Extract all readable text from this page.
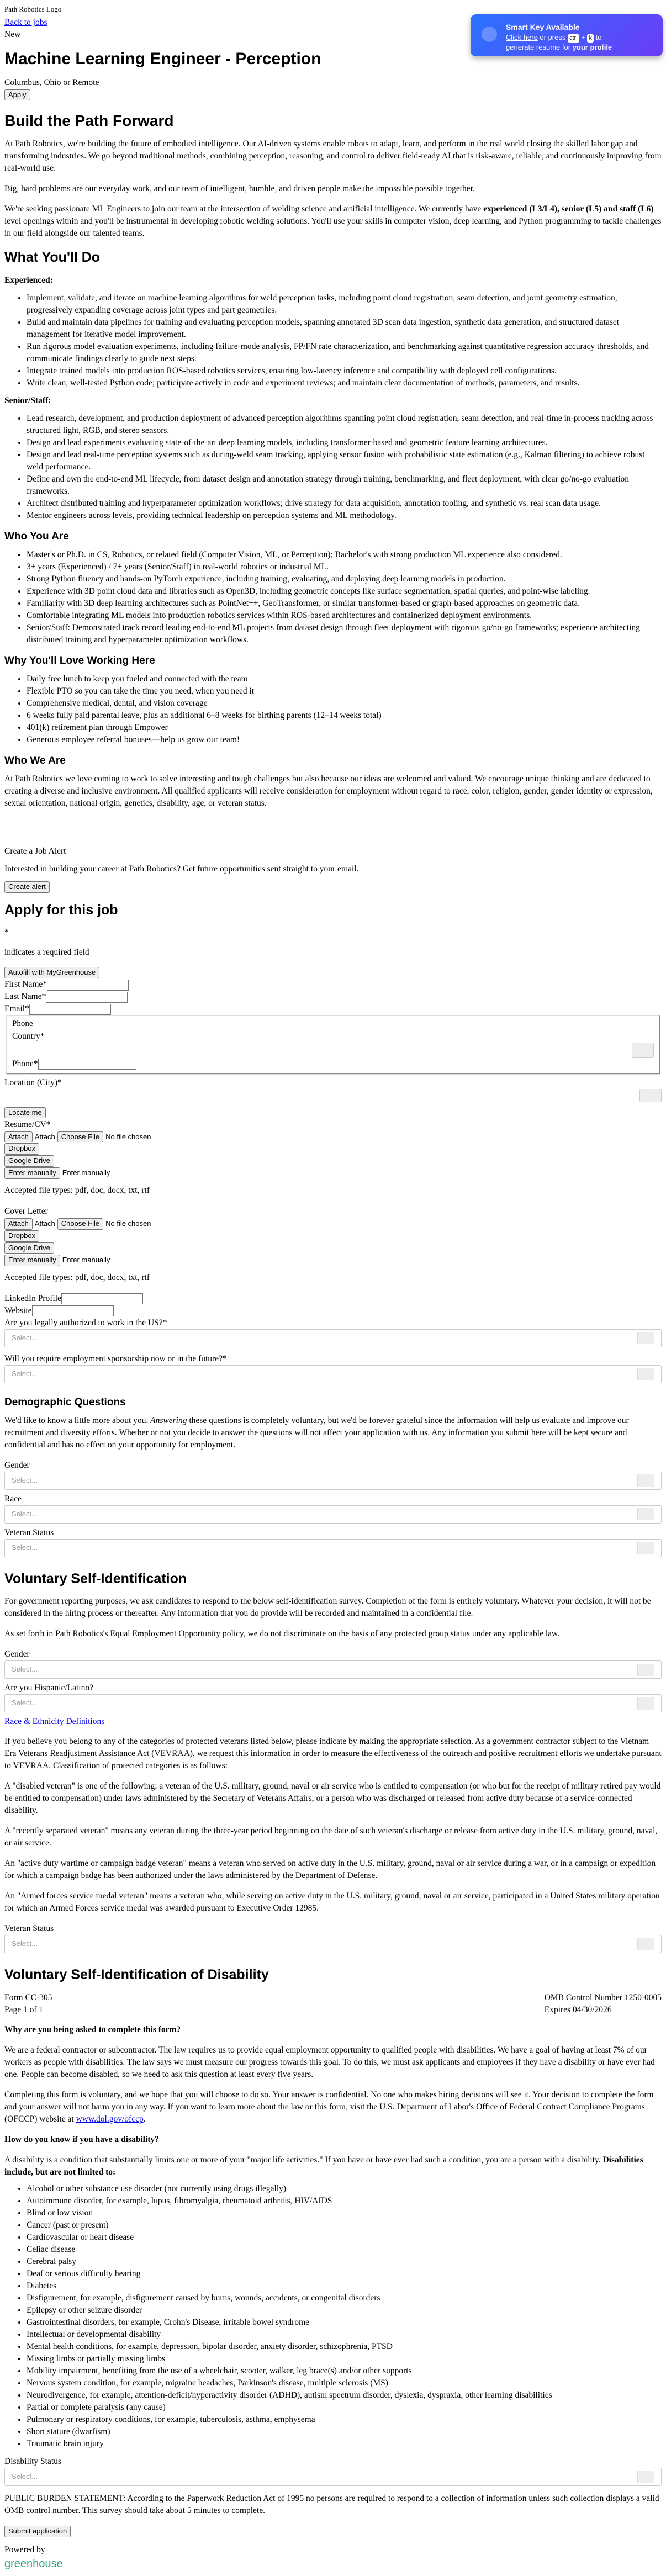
Path Robotics Logo
Back to jobs
New
Machine Learning Engineer - Perception
Columbus, Ohio or Remote
Apply
Build the Path Forward

At Path Robotics, we're building the future of embodied intelligence. Our AI-driven systems enable robots to adapt, learn, and perform in the real world closing the skilled labor gap and transforming industries. We go beyond traditional methods, combining perception, reasoning, and control to deliver field-ready AI that is risk-aware, reliable, and continuously improving from real-world use.

Big, hard problems are our everyday work, and our team of intelligent, humble, and driven people make the impossible possible together.

We're seeking passionate ML Engineers to join our team at the intersection of welding science and artificial intelligence. We currently have experienced (L3/L4), senior (L5) and staff (L6) level openings within and you'll be instrumental in developing robotic welding solutions. You'll use your skills in computer vision, deep learning, and Python programming to tackle challenges in our field alongside our talented teams.

What You'll Do

Experienced:

• Implement, validate, and iterate on machine learning algorithms for weld perception tasks, including point cloud registration, seam detection, and joint geometry estimation, progressively expanding coverage across joint types and part geometries.
• Build and maintain data pipelines for training and evaluating perception models, spanning annotated 3D scan data ingestion, synthetic data generation, and structured dataset management for iterative model improvement.
• Run rigorous model evaluation experiments, including failure-mode analysis, FP/FN rate characterization, and benchmarking against quantitative regression accuracy thresholds, and communicate findings clearly to guide next steps.
• Integrate trained models into production ROS-based robotics services, ensuring low-latency inference and compatibility with deployed cell configurations.
• Write clean, well-tested Python code; participate actively in code and experiment reviews; and maintain clear documentation of methods, parameters, and results.

Senior/Staff:

• Lead research, development, and production deployment of advanced perception algorithms spanning point cloud registration, seam detection, and real-time in-process tracking across structured light, RGB, and stereo sensors.
• Design and lead experiments evaluating state-of-the-art deep learning models, including transformer-based and geometric feature learning architectures.
• Design and lead real-time perception systems such as during-weld seam tracking, applying sensor fusion with probabilistic state estimation (e.g., Kalman filtering) to achieve robust weld performance.
• Define and own the end-to-end ML lifecycle, from dataset design and annotation strategy through training, benchmarking, and fleet deployment, with clear go/no-go evaluation frameworks.
• Architect distributed training and hyperparameter optimization workflows; drive strategy for data acquisition, annotation tooling, and synthetic vs. real scan data usage.
• Mentor engineers across levels, providing technical leadership on perception systems and ML methodology.
Who You Are
• Master's or Ph.D. in CS, Robotics, or related field (Computer Vision, ML, or Perception); Bachelor's with strong production ML experience also considered.
• 3+ years (Experienced) / 7+ years (Senior/Staff) in real-world robotics or industrial ML.
• Strong Python fluency and hands-on PyTorch experience, including training, evaluating, and deploying deep learning models in production.
• Experience with 3D point cloud data and libraries such as Open3D, including geometric concepts like surface segmentation, spatial queries, and point-wise labeling.
• Familiarity with 3D deep learning architectures such as PointNet++, GeoTransformer, or similar transformer-based or graph-based approaches on geometric data.
• Comfortable integrating ML models into production robotics services within ROS-based architectures and containerized deployment environments.
• Senior/Staff: Demonstrated track record leading end-to-end ML projects from dataset design through fleet deployment with rigorous go/no-go frameworks; experience architecting distributed training and hyperparameter optimization workflows.
Why You'll Love Working Here
• Daily free lunch to keep you fueled and connected with the team
• Flexible PTO so you can take the time you need, when you need it
• Comprehensive medical, dental, and vision coverage
• 6 weeks fully paid parental leave, plus an additional 6–8 weeks for birthing parents (12–14 weeks total)
• 401(k) retirement plan through Empower
• Generous employee referral bonuses—help us grow our team!
Who We Are

At Path Robotics we love coming to work to solve interesting and tough challenges but also because our ideas are welcomed and valued. We encourage unique thinking and are dedicated to creating a diverse and inclusive environment. All qualified applicants will receive consideration for employment without regard to race, color, religion, gender, gender identity or expression, sexual orientation, national origin, genetics, disability, age, or veteran status.

Create a Job Alert

Interested in building your career at Path Robotics? Get future opportunities sent straight to your email.

Create alert
Apply for this job
*
indicates a required field
Autofill with MyGreenhouse
First Name*
Last Name*
Email*
Phone
Country*
Phone*
Location (City)*
Locate me
Resume/CV*
Attach Attach Choose File No file chosen
Dropbox
Google Drive
Enter manually Enter manually
Accepted file types: pdf, doc, docx, txt, rtf
Cover Letter
Attach Attach Choose File No file chosen
Dropbox
Google Drive
Enter manually Enter manually
Accepted file types: pdf, doc, docx, txt, rtf
LinkedIn Profile
Website
Are you legally authorized to work in the US?*
Select...
Will you require employment sponsorship now or in the future?*
Select...
Demographic Questions

We'd like to know a little more about you. Answering these questions is completely voluntary, but we'd be forever grateful since the information will help us evaluate and improve our recruitment and diversity efforts. Whether or not you decide to answer the questions will not affect your application with us. Any information you submit here will be kept secure and confidential and has no effect on your opportunity for employment.

Gender
Select...
Race
Select...
Veteran Status
Select...
Voluntary Self-Identification

For government reporting purposes, we ask candidates to respond to the below self-identification survey. Completion of the form is entirely voluntary. Whatever your decision, it will not be considered in the hiring process or thereafter. Any information that you do provide will be recorded and maintained in a confidential file.

As set forth in Path Robotics's Equal Employment Opportunity policy, we do not discriminate on the basis of any protected group status under any applicable law.

Gender
Select...
Are you Hispanic/Latino?
Select...
Race & Ethnicity Definitions

If you believe you belong to any of the categories of protected veterans listed below, please indicate by making the appropriate selection. As a government contractor subject to the Vietnam Era Veterans Readjustment Assistance Act (VEVRAA), we request this information in order to measure the effectiveness of the outreach and positive recruitment efforts we undertake pursuant to VEVRAA. Classification of protected categories is as follows:

A "disabled veteran" is one of the following: a veteran of the U.S. military, ground, naval or air service who is entitled to compensation (or who but for the receipt of military retired pay would be entitled to compensation) under laws administered by the Secretary of Veterans Affairs; or a person who was discharged or released from active duty because of a service-connected disability.

A "recently separated veteran" means any veteran during the three-year period beginning on the date of such veteran's discharge or release from active duty in the U.S. military, ground, naval, or air service.

An "active duty wartime or campaign badge veteran" means a veteran who served on active duty in the U.S. military, ground, naval or air service during a war, or in a campaign or expedition for which a campaign badge has been authorized under the laws administered by the Department of Defense.

An "Armed forces service medal veteran" means a veteran who, while serving on active duty in the U.S. military, ground, naval or air service, participated in a United States military operation for which an Armed Forces service medal was awarded pursuant to Executive Order 12985.

Veteran Status
Select...
Voluntary Self-Identification of Disability
Form CC-305
Page 1 of 1
OMB Control Number 1250-0005
Expires 04/30/2026

Why are you being asked to complete this form?

We are a federal contractor or subcontractor. The law requires us to provide equal employment opportunity to qualified people with disabilities. We have a goal of having at least 7% of our workers as people with disabilities. The law says we must measure our progress towards this goal. To do this, we must ask applicants and employees if they have a disability or have ever had one. People can become disabled, so we need to ask this question at least every five years.

Completing this form is voluntary, and we hope that you will choose to do so. Your answer is confidential. No one who makes hiring decisions will see it. Your decision to complete the form and your answer will not harm you in any way. If you want to learn more about the law or this form, visit the U.S. Department of Labor's Office of Federal Contract Compliance Programs (OFCCP) website at www.dol.gov/ofccp.

How do you know if you have a disability?

A disability is a condition that substantially limits one or more of your "major life activities." If you have or have ever had such a condition, you are a person with a disability. Disabilities include, but are not limited to:

• Alcohol or other substance use disorder (not currently using drugs illegally)
• Autoimmune disorder, for example, lupus, fibromyalgia, rheumatoid arthritis, HIV/AIDS
• Blind or low vision
• Cancer (past or present)
• Cardiovascular or heart disease
• Celiac disease
• Cerebral palsy
• Deaf or serious difficulty hearing
• Diabetes
• Disfigurement, for example, disfigurement caused by burns, wounds, accidents, or congenital disorders
• Epilepsy or other seizure disorder
• Gastrointestinal disorders, for example, Crohn's Disease, irritable bowel syndrome
• Intellectual or developmental disability
• Mental health conditions, for example, depression, bipolar disorder, anxiety disorder, schizophrenia, PTSD
• Missing limbs or partially missing limbs
• Mobility impairment, benefiting from the use of a wheelchair, scooter, walker, leg brace(s) and/or other supports
• Nervous system condition, for example, migraine headaches, Parkinson's disease, multiple sclerosis (MS)
• Neurodivergence, for example, attention-deficit/hyperactivity disorder (ADHD), autism spectrum disorder, dyslexia, dyspraxia, other learning disabilities
• Partial or complete paralysis (any cause)
• Pulmonary or respiratory conditions, for example, tuberculosis, asthma, emphysema
• Short stature (dwarfism)
• Traumatic brain injury
Disability Status
Select...

PUBLIC BURDEN STATEMENT: According to the Paperwork Reduction Act of 1995 no persons are required to respond to a collection of information unless such collection displays a valid OMB control number. This survey should take about 5 minutes to complete.

Submit application
Powered by
greenhouse
Smart Key Available
Click here or press ctrl + k to
generate resume for your profile
